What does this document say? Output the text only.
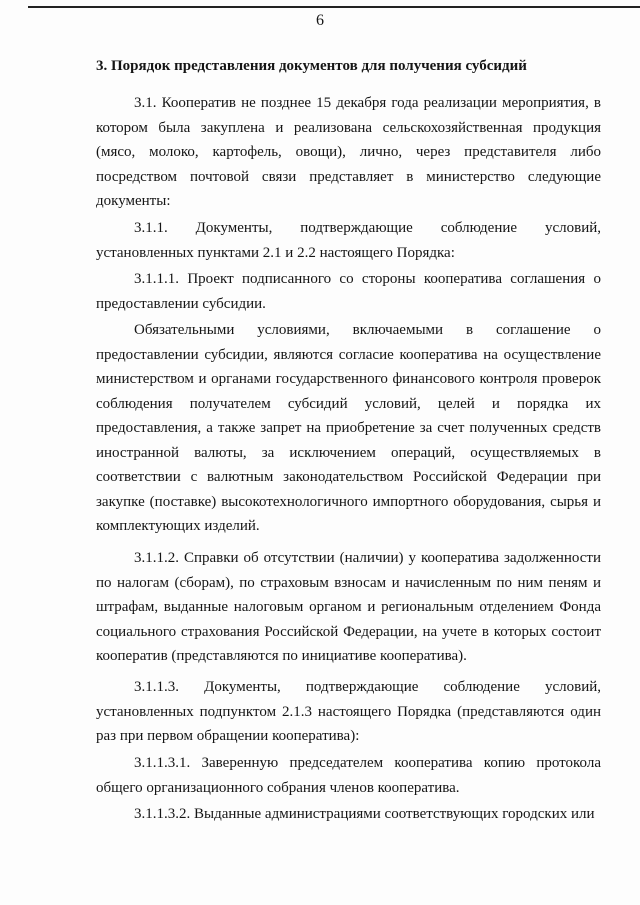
6
3. Порядок представления документов для получения субсидий

3.1. Кооператив не позднее 15 декабря года реализации мероприятия, в котором была закуплена и реализована сельскохозяйственная продукция (мясо, молоко, картофель, овощи), лично, через представителя либо посредством почтовой связи представляет в министерство следующие документы:

3.1.1. Документы, подтверждающие соблюдение условий, установленных пунктами 2.1 и 2.2 настоящего Порядка:

3.1.1.1. Проект подписанного со стороны кооператива соглашения о предоставлении субсидии.

Обязательными условиями, включаемыми в соглашение о предоставлении субсидии, являются согласие кооператива на осуществление министерством и органами государственного финансового контроля проверок соблюдения получателем субсидий условий, целей и порядка их предоставления, а также запрет на приобретение за счет полученных средств иностранной валюты, за исключением операций, осуществляемых в соответствии с валютным законодательством Российской Федерации при закупке (поставке) высокотехнологичного импортного оборудования, сырья и комплектующих изделий.

3.1.1.2. Справки об отсутствии (наличии) у кооператива задолженности по налогам (сборам), по страховым взносам и начисленным по ним пеням и штрафам, выданные налоговым органом и региональным отделением Фонда социального страхования Российской Федерации, на учете в которых состоит кооператив (представляются по инициативе кооператива).

3.1.1.3. Документы, подтверждающие соблюдение условий, установленных подпунктом 2.1.3 настоящего Порядка (представляются один раз при первом обращении кооператива):

3.1.1.3.1. Заверенную председателем кооператива копию протокола общего организационного собрания членов кооператива.

3.1.1.3.2. Выданные администрациями соответствующих городских или
